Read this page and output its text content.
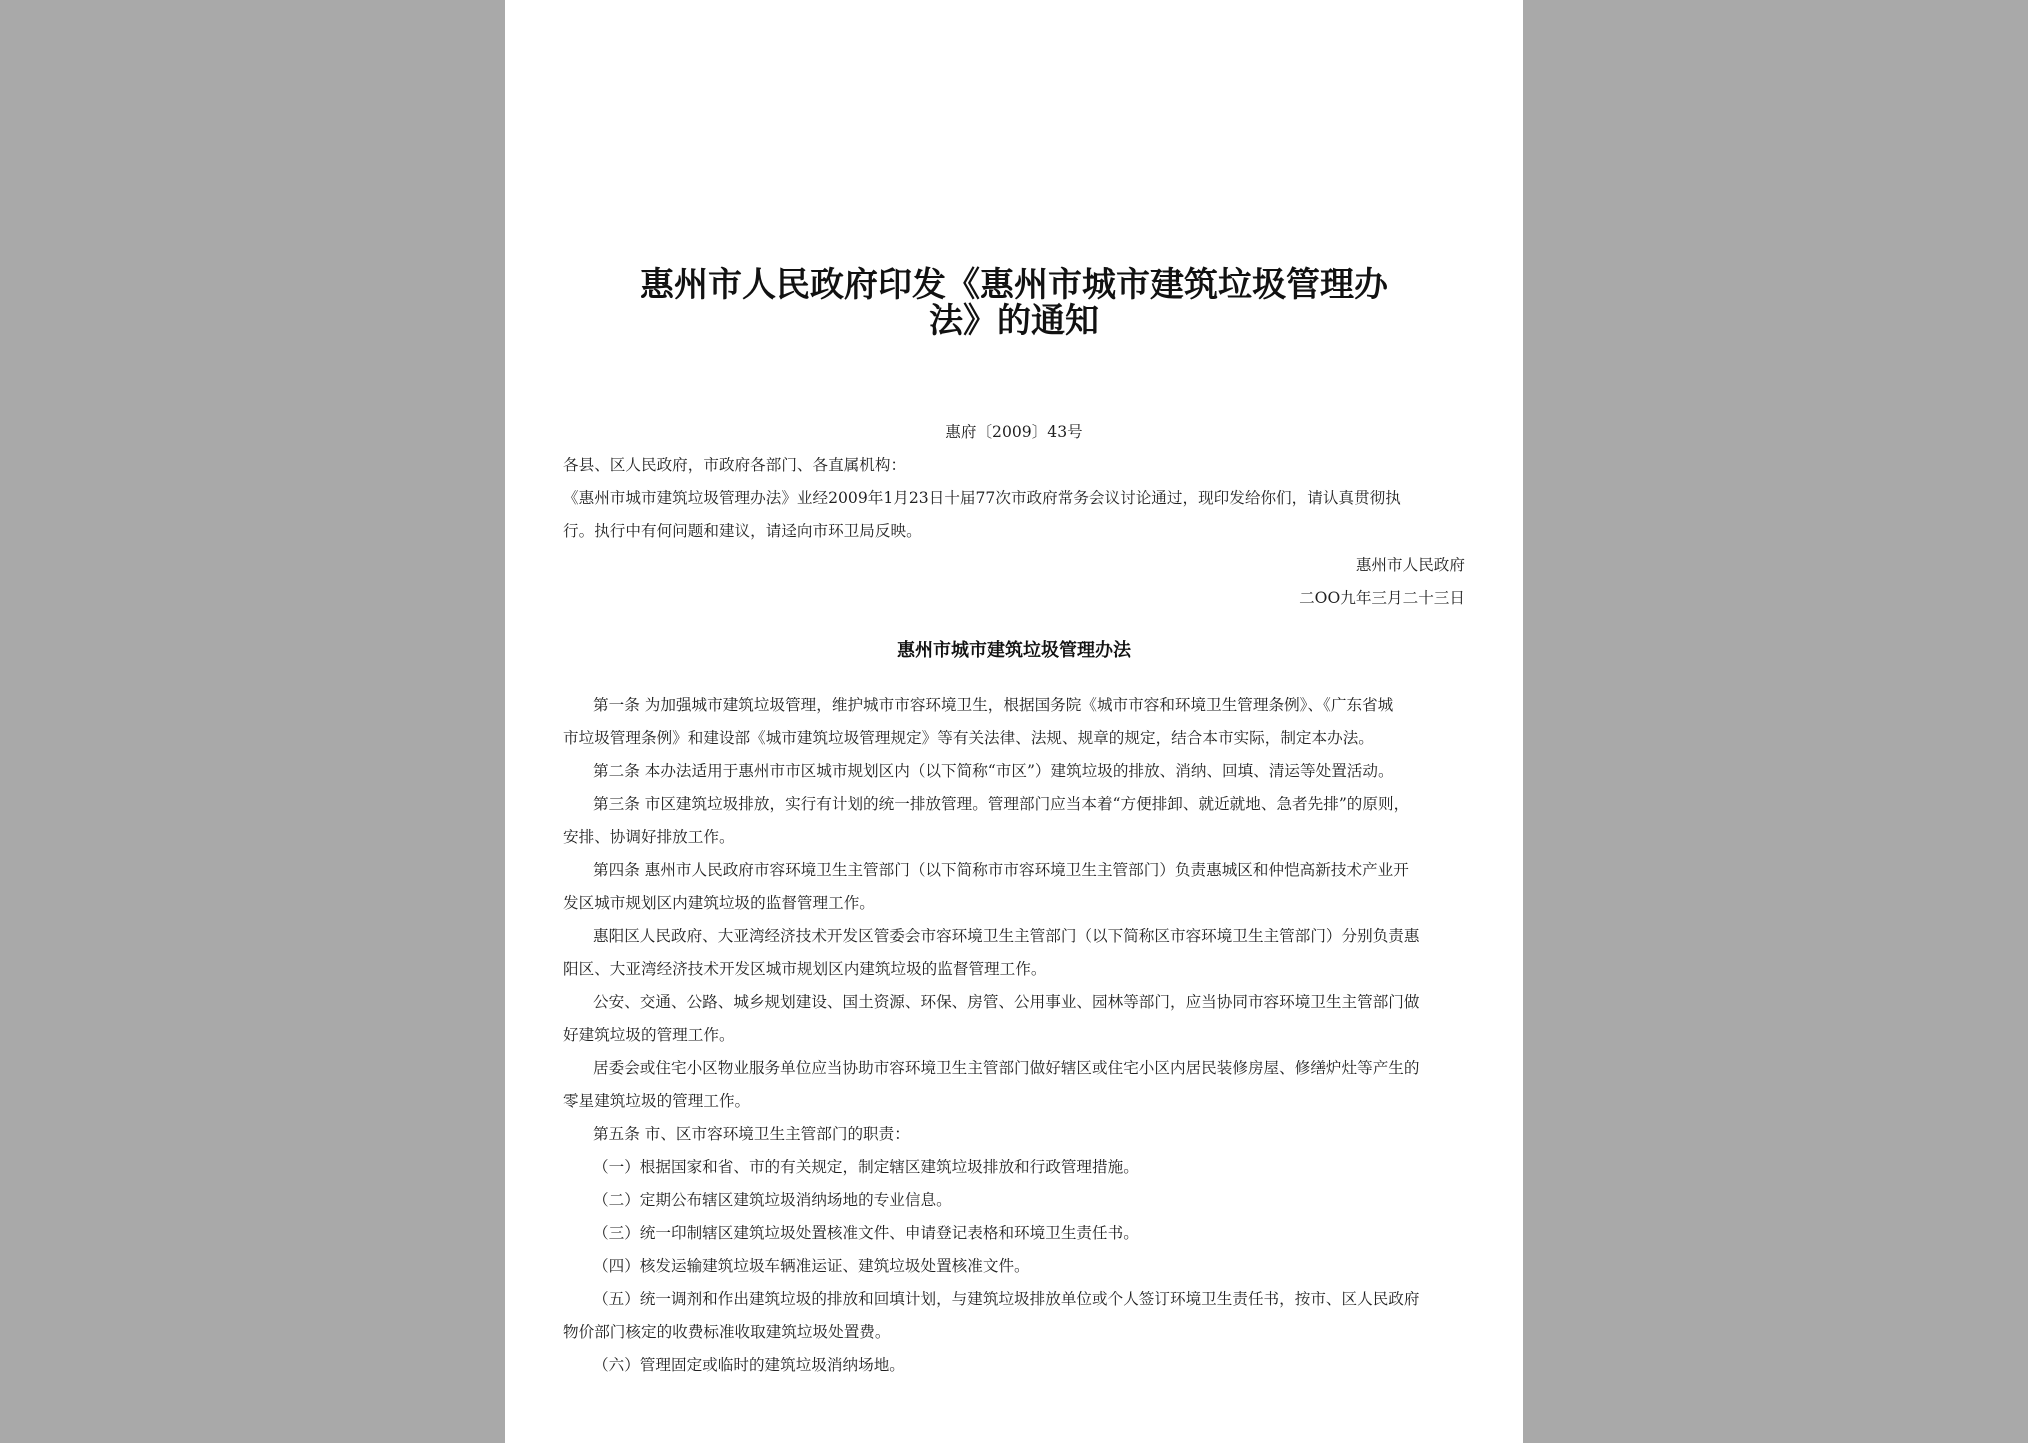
惠州市人民政府印发《惠州市城市建筑垃圾管理办
法》的通知
惠府〔2009〕43号
各县、区人民政府，市政府各部门、各直属机构：
《惠州市城市建筑垃圾管理办法》业经2009年1月23日十届77次市政府常务会议讨论通过，现印发给你们，请认真贯彻执
行。执行中有何问题和建议，请迳向市环卫局反映。
惠州市人民政府
二OO九年三月二十三日
惠州市城市建筑垃圾管理办法
第一条 为加强城市建筑垃圾管理，维护城市市容环境卫生，根据国务院《城市市容和环境卫生管理条例》、《广东省城
市垃圾管理条例》和建设部《城市建筑垃圾管理规定》等有关法律、法规、规章的规定，结合本市实际，制定本办法。
第二条 本办法适用于惠州市市区城市规划区内（以下简称“市区”）建筑垃圾的排放、消纳、回填、清运等处置活动。
第三条 市区建筑垃圾排放，实行有计划的统一排放管理。管理部门应当本着“方便排卸、就近就地、急者先排”的原则，
安排、协调好排放工作。
第四条 惠州市人民政府市容环境卫生主管部门（以下简称市市容环境卫生主管部门）负责惠城区和仲恺高新技术产业开
发区城市规划区内建筑垃圾的监督管理工作。
惠阳区人民政府、大亚湾经济技术开发区管委会市容环境卫生主管部门（以下简称区市容环境卫生主管部门）分别负责惠
阳区、大亚湾经济技术开发区城市规划区内建筑垃圾的监督管理工作。
公安、交通、公路、城乡规划建设、国土资源、环保、房管、公用事业、园林等部门，应当协同市容环境卫生主管部门做
好建筑垃圾的管理工作。
居委会或住宅小区物业服务单位应当协助市容环境卫生主管部门做好辖区或住宅小区内居民装修房屋、修缮炉灶等产生的
零星建筑垃圾的管理工作。
第五条 市、区市容环境卫生主管部门的职责：
（一）根据国家和省、市的有关规定，制定辖区建筑垃圾排放和行政管理措施。
（二）定期公布辖区建筑垃圾消纳场地的专业信息。
（三）统一印制辖区建筑垃圾处置核准文件、申请登记表格和环境卫生责任书。
（四）核发运输建筑垃圾车辆准运证、建筑垃圾处置核准文件。
（五）统一调剂和作出建筑垃圾的排放和回填计划，与建筑垃圾排放单位或个人签订环境卫生责任书，按市、区人民政府
物价部门核定的收费标准收取建筑垃圾处置费。
（六）管理固定或临时的建筑垃圾消纳场地。
